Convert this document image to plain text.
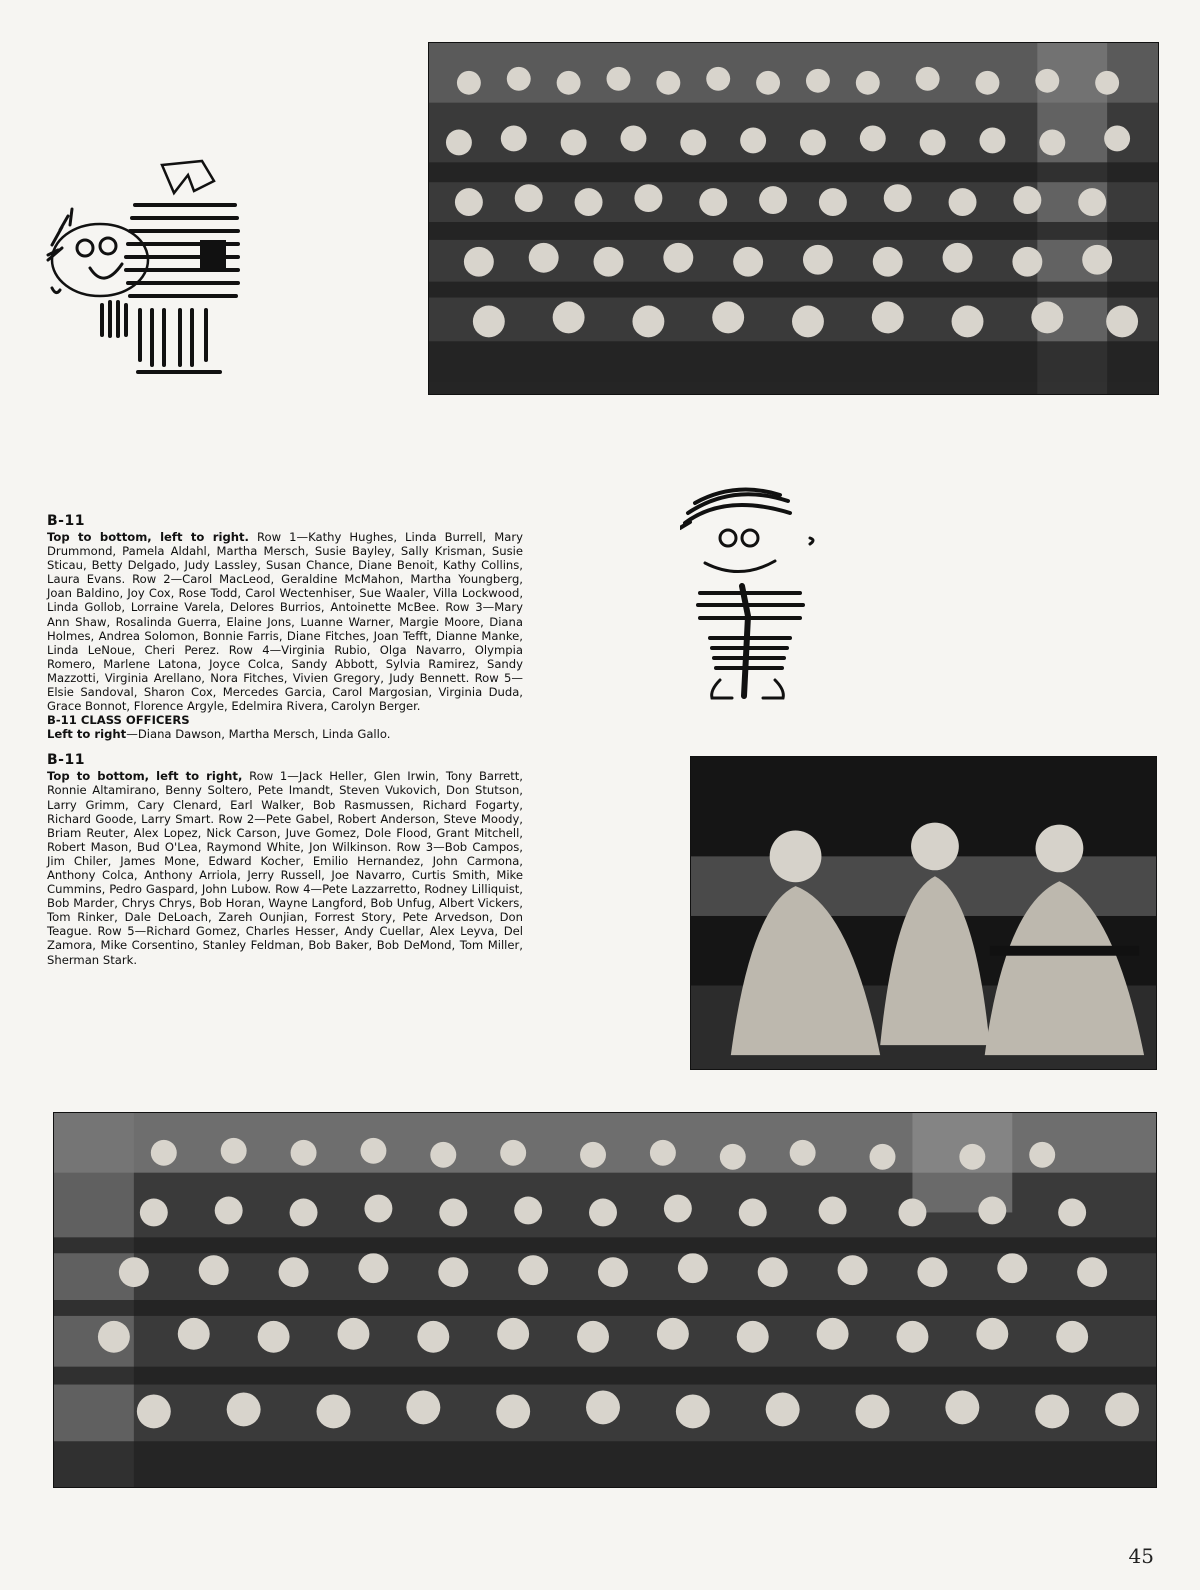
B-11
Top to bottom, left to right. Row 1—Kathy Hughes, Linda Burrell, Mary Drummond, Pamela Aldahl, Martha Mersch, Susie Bayley, Sally Krisman, Susie Sticau, Betty Delgado, Judy Lassley, Susan Chance, Diane Benoit, Kathy Collins, Laura Evans. Row 2—Carol MacLeod, Geraldine McMahon, Martha Youngberg, Joan Baldino, Joy Cox, Rose Todd, Carol Wectenhiser, Sue Waaler, Villa Lockwood, Linda Gollob, Lorraine Varela, Delores Burrios, Antoinette McBee. Row 3—Mary Ann Shaw, Rosalinda Guerra, Elaine Jons, Luanne Warner, Margie Moore, Diana Holmes, Andrea Solomon, Bonnie Farris, Diane Fitches, Joan Tefft, Dianne Manke, Linda LeNoue, Cheri Perez. Row 4—Virginia Rubio, Olga Navarro, Olympia Romero, Marlene Latona, Joyce Colca, Sandy Abbott, Sylvia Ramirez, Sandy Mazzotti, Virginia Arellano, Nora Fitches, Vivien Gregory, Judy Bennett. Row 5—Elsie Sandoval, Sharon Cox, Mercedes Garcia, Carol Margosian, Virginia Duda, Grace Bonnot, Florence Argyle, Edelmira Rivera, Carolyn Berger.
B-11 CLASS OFFICERS
Left to right—Diana Dawson, Martha Mersch, Linda Gallo.
B-11
Top to bottom, left to right, Row 1—Jack Heller, Glen Irwin, Tony Barrett, Ronnie Altamirano, Benny Soltero, Pete Imandt, Steven Vukovich, Don Stutson, Larry Grimm, Cary Clenard, Earl Walker, Bob Rasmussen, Richard Fogarty, Richard Goode, Larry Smart. Row 2—Pete Gabel, Robert Anderson, Steve Moody, Briam Reuter, Alex Lopez, Nick Carson, Juve Gomez, Dole Flood, Grant Mitchell, Robert Mason, Bud O'Lea, Raymond White, Jon Wilkinson. Row 3—Bob Campos, Jim Chiler, James Mone, Edward Kocher, Emilio Hernandez, John Carmona, Anthony Colca, Anthony Arriola, Jerry Russell, Joe Navarro, Curtis Smith, Mike Cummins, Pedro Gaspard, John Lubow. Row 4—Pete Lazzarretto, Rodney Lilliquist, Bob Marder, Chrys Chrys, Bob Horan, Wayne Langford, Bob Unfug, Albert Vickers, Tom Rinker, Dale DeLoach, Zareh Ounjian, Forrest Story, Pete Arvedson, Don Teague. Row 5—Richard Gomez, Charles Hesser, Andy Cuellar, Alex Leyva, Del Zamora, Mike Corsentino, Stanley Feldman, Bob Baker, Bob DeMond, Tom Miller, Sherman Stark.
45
